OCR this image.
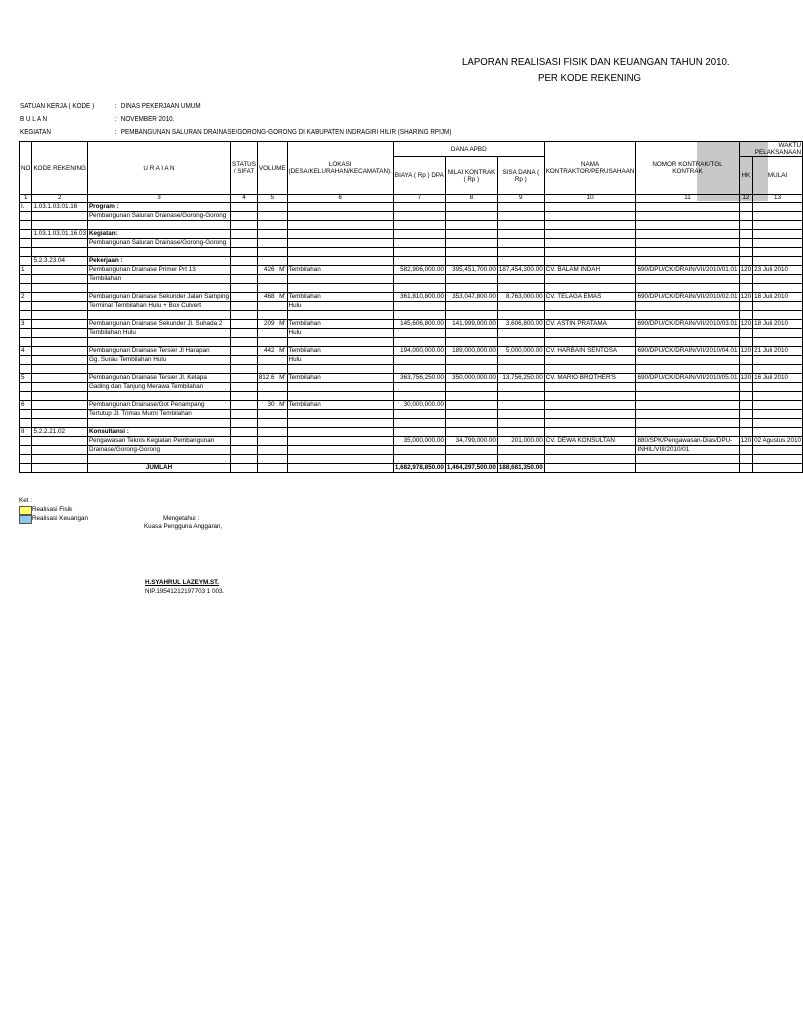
LAPORAN REALISASI FISIK DAN KEUANGAN TAHUN 2010.
PER KODE REKENING
SATUAN KERJA ( KODE )	: DINAS PEKERJAAN UMUM
B U L A N	: NOVEMBER 2010.
KEGIATAN	: PEMBANGUNAN SALURAN DRAINASE/GORONG-GORONG DI KABUPATEN INDRAGIRI HILIR (SHARING RPIJM)
NO	KODE REKENING	U R A I A N	STATUS / SIFAT	VOLUME	LOKASI (DESA/KELURAHAN/KECAMATAN).	DANA APBD			NAMA KONTRAKTOR/PERUSAHAAN	NOMOR KONTRAK/TGL KONTRAK	WAKTU PELAKSANAAN	
						BIAYA ( Rp ) DPA	NILAI KONTRAK ( Rp )	SISA DANA ( Rp )			HK	MULAI
1	2	3	4	5	6	7	8	9	10	11	12	13
I.	1.03.1.03.01.16	Program :										
		Pembangunan Saluran Drainase/Gorong-Gorong										

	1.03.1.03.01.16.03	Kegiatan:										
		Pembangunan Saluran Drainase/Gorong-Gorong										

	5.2.3.23.04	Pekerjaan :										
1		Pembangunan Drainase Primer Prt 13		426 M'	Tembilahan	582,906,000.00	395,451,700.00	187,454,300.00	CV. BALAM INDAH	690/DPU/CK/DRAIN/VII/2010/01.01	120	23 Juli 2010
		Tembilahan										

2		Pembangunan Drainase Sekunder Jalan Samping		468 M'	Tembilahan	361,810,800.00	353,047,800.00	8,763,000.00	CV. TELAGA EMAS	690/DPU/CK/DRAIN/VII/2010/02.01	120	18 Juli 2010
		Terminal Tembilahan Hulu + Box Culvert			Hulu							

3		Pembangunan Drainase Sekunder Jl. Suhada 2		209 M'	Tembilahan	145,606,800.00	141,999,000.00	3,606,800.00	CV. ASTIN PRATAMA	690/DPU/CK/DRAIN/VII/2010/03.01	120	18 Juli 2010
		Tembilahan Hulu			Hulu							

4		Pembangunan Drainase Tersier Jl Harapan		442 M'	Tembilahan	194,000,000.00	189,000,000.00	5,000,000.00	CV. HARBAIN SENTOSA	690/DPU/CK/DRAIN/VII/2010/04.01	120	21 Juli 2010
		Gg. Surau Tembilahan Hulu			Hulu							

5		Pembangunan Drainase Tersier Jl. Kelapa		812.6 M'	Tembilahan	363,756,250.00	350,000,000.00	13,756,250.00	CV. MARIO BROTHER'S	690/DPU/CK/DRAIN/VII/2010/05.01	120	16 Juli 2010
		Gading dan Tanjung Merawa Tembilahan										

6		Pembangunan Drainase/Got Penampang		30 M'	Tembilahan	30,000,000.00						
		Tertutup Jl. Trimas Murni Tembilahan										

II	5.2.2.21.02	Konsultansi :										
		Pengawasan Teknis Kegiatan Pembangunan				35,000,000.00	34,799,000.00	201,000.00	CV. DEWA KONSULTAN	880/SPK/Pengawasan-Dias/DPU-	120	02 Agustus 2010
		Drainase/Gorong-Gorong								INHIL/VIII/2010/01		

		JUMLAH				1,682,978,850.00	1,464,297,500.00	188,681,350.00				
Ket :
Realisasi Fisik
Realisasi Keuangan	Mengetahui :
Kuasa Pengguna Anggaran,
H.SYAHRUL LAZEYM.ST.
NIP.19541212197703 1 003.
